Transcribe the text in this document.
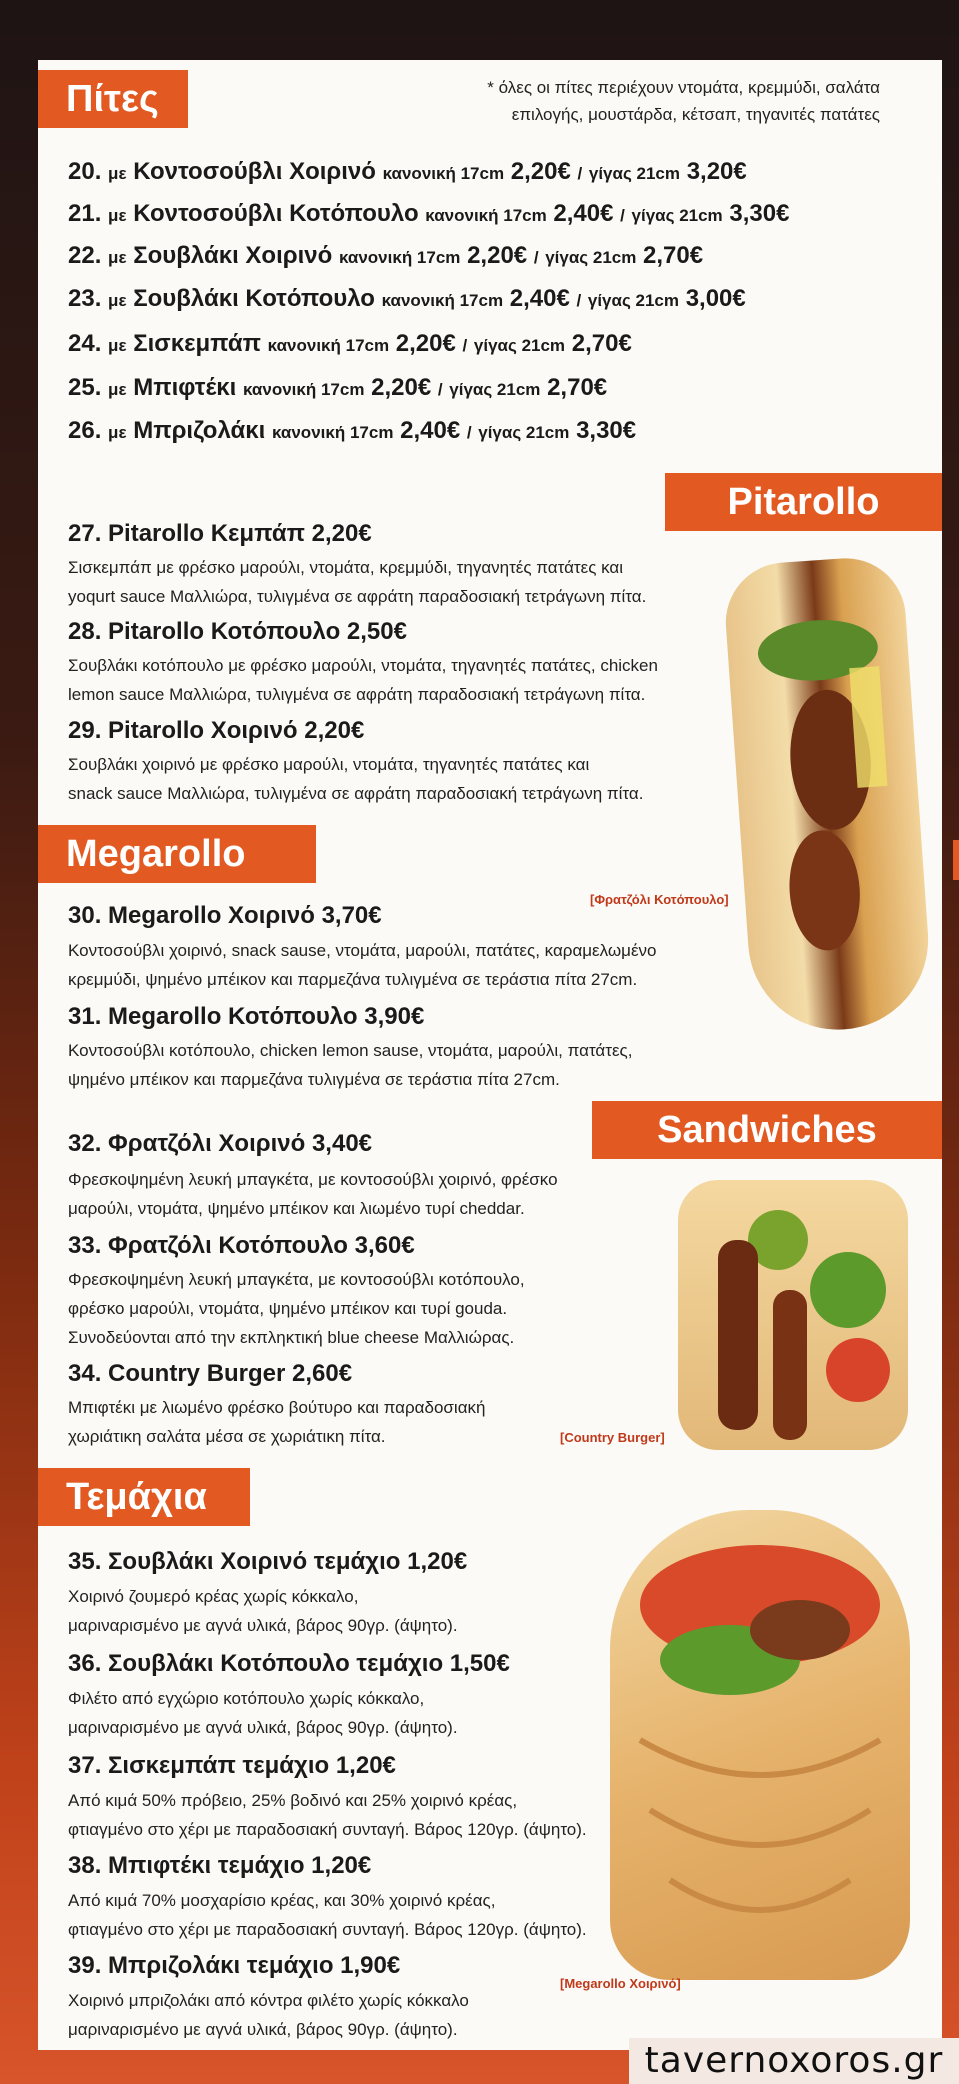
Πίτες	* όλες οι πίτες περιέχουν ντομάτα, κρεμμύδι, σαλάτα
επιλογής, μουστάρδα, κέτσαπ, τηγανιτές πατάτες
20. με Κοντοσούβλι Χοιρινό κανονική 17cm 2,20€ / γίγας 21cm 3,20€
21. με Κοντοσούβλι Κοτόπουλο κανονική 17cm 2,40€ / γίγας 21cm 3,30€
22. με Σουβλάκι Χοιρινό κανονική 17cm 2,20€ / γίγας 21cm 2,70€
23. με Σουβλάκι Κοτόπουλο κανονική 17cm 2,40€ / γίγας 21cm 3,00€
24. με Σισκεμπάπ κανονική 17cm 2,20€ / γίγας 21cm 2,70€
25. με Μπιφτέκι κανονική 17cm 2,20€ / γίγας 21cm 2,70€
26. με Μπριζολάκι κανονική 17cm 2,40€ / γίγας 21cm 3,30€
Pitarollo
27. Pitarollo Κεμπάπ 2,20€
Σισκεμπάπ με φρέσκο μαρούλι, ντομάτα, κρεμμύδι, τηγανητές πατάτες και
yoqurt sauce Μαλλιώρα, τυλιγμένα σε αφράτη παραδοσιακή τετράγωνη πίτα.
28. Pitarollo Κοτόπουλο 2,50€
Σουβλάκι κοτόπουλο με φρέσκο μαρούλι, ντομάτα, τηγανητές πατάτες, chicken
lemon sauce Μαλλιώρα, τυλιγμένα σε αφράτη παραδοσιακή τετράγωνη πίτα.
29. Pitarollo Χοιρινό 2,20€
Σουβλάκι χοιρινό με φρέσκο μαρούλι, ντομάτα, τηγανητές πατάτες και
snack sauce Μαλλιώρα, τυλιγμένα σε αφράτη παραδοσιακή τετράγωνη πίτα.
Megarollo
[Φρατζόλι Κοτόπουλο]
30. Megarollo Χοιρινό 3,70€
Κοντοσούβλι χοιρινό, snack sause, ντομάτα, μαρούλι, πατάτες, καραμελωμένο
κρεμμύδι, ψημένο μπέικον και παρμεζάνα τυλιγμένα σε τεράστια πίτα 27cm.
31. Megarollo Κοτόπουλο 3,90€
Κοντοσούβλι κοτόπουλο, chicken lemon sause, ντομάτα, μαρούλι, πατάτες,
ψημένο μπέικον και παρμεζάνα τυλιγμένα σε τεράστια πίτα 27cm.
Sandwiches
32. Φρατζόλι Χοιρινό 3,40€
Φρεσκοψημένη λευκή μπαγκέτα, με κοντοσούβλι χοιρινό, φρέσκο
μαρούλι, ντομάτα, ψημένο μπέικον και λιωμένο τυρί cheddar.
33. Φρατζόλι Κοτόπουλο 3,60€
Φρεσκοψημένη λευκή μπαγκέτα, με κοντοσούβλι κοτόπουλο,
φρέσκο μαρούλι, ντομάτα, ψημένο μπέικον και τυρί gouda.
Συνοδεύονται από την εκπληκτική blue cheese Μαλλιώρας.
34. Country Burger 2,60€
Μπιφτέκι με λιωμένο φρέσκο βούτυρο και παραδοσιακή
χωριάτικη σαλάτα μέσα σε χωριάτικη πίτα.	[Country Burger]
Τεμάχια
35. Σουβλάκι Χοιρινό τεμάχιο 1,20€
Χοιρινό ζουμερό κρέας χωρίς κόκκαλο,
μαριναρισμένο με αγνά υλικά, βάρος 90γρ. (άψητο).
36. Σουβλάκι Κοτόπουλο τεμάχιο 1,50€
Φιλέτο από εγχώριο κοτόπουλο χωρίς κόκκαλο,
μαριναρισμένο με αγνά υλικά, βάρος 90γρ. (άψητο).
37. Σισκεμπάπ τεμάχιο 1,20€
Από κιμά 50% πρόβειο, 25% βοδινό και 25% χοιρινό κρέας,
φτιαγμένο στο χέρι με παραδοσιακή συνταγή. Βάρος 120γρ. (άψητο).
38. Μπιφτέκι τεμάχιο 1,20€
Από κιμά 70% μοσχαρίσιο κρέας, και 30% χοιρινό κρέας,
φτιαγμένο στο χέρι με παραδοσιακή συνταγή. Βάρος 120γρ. (άψητο).
39. Μπριζολάκι τεμάχιο 1,90€
Χοιρινό μπριζολάκι από κόντρα φιλέτο χωρίς κόκκαλο
μαριναρισμένο με αγνά υλικά, βάρος 90γρ. (άψητο).
[Megarollo Χοιρινό]
tavernoxoros.gr
